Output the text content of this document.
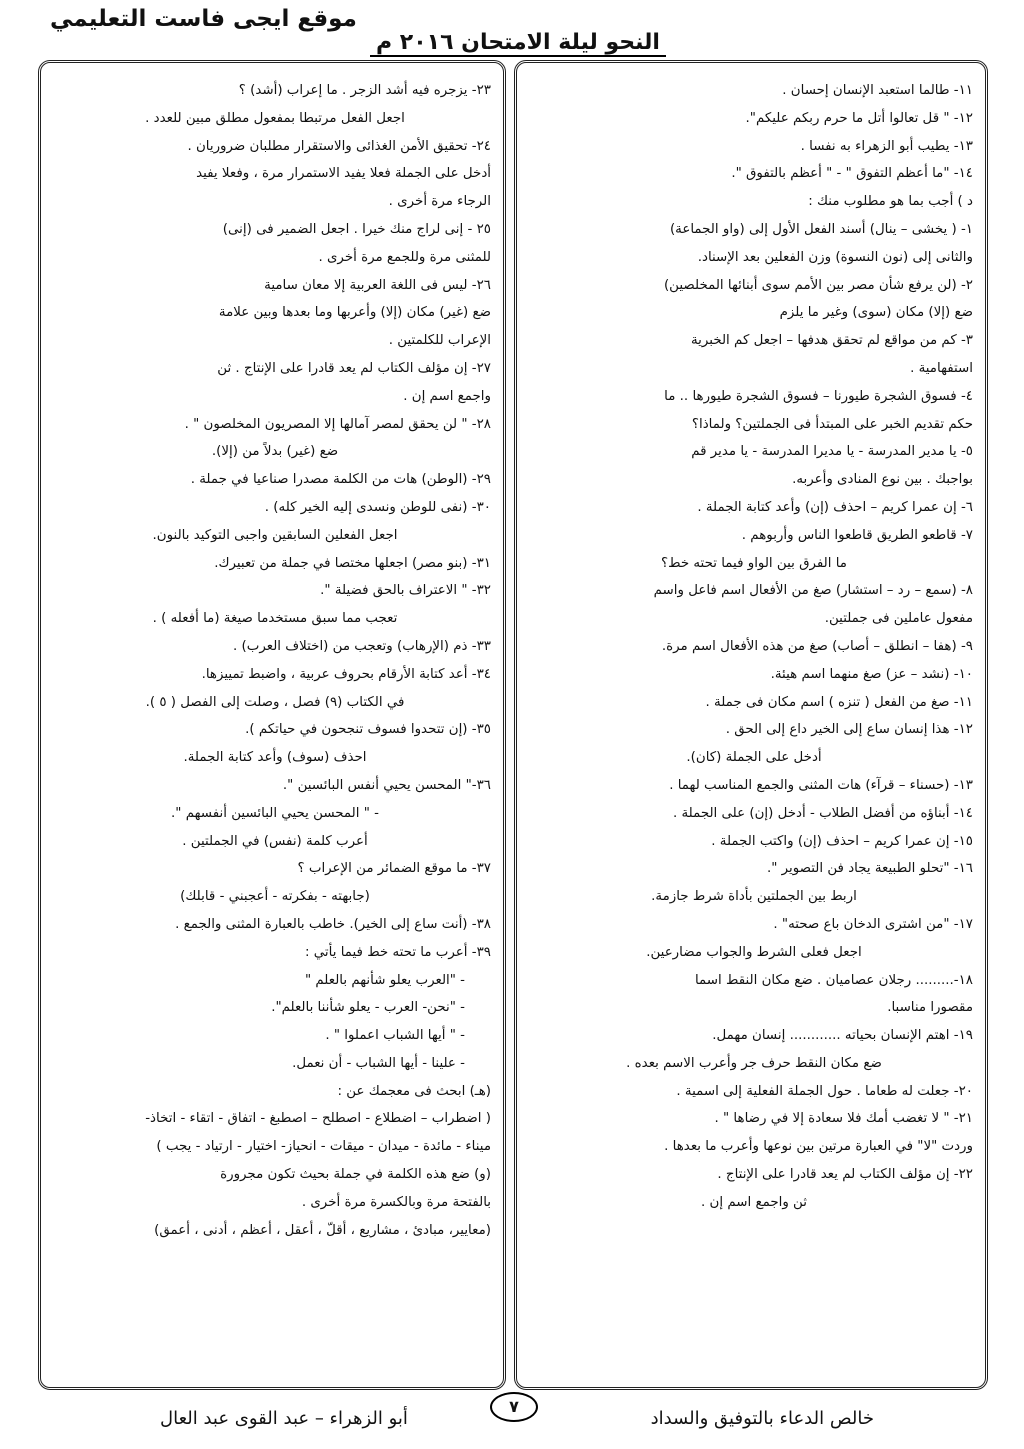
موقع ايجى فاست التعليمي
النحو ليلة الامتحان ٢٠١٦ م
١١- طالما استعبد الإنسان إحسان .
١٢- " قل تعالوا أتل ما حرم ربكم عليكم".
١٣- يطيب أبو الزهراء به نفسا .
١٤- "ما أعظم التفوق " - " أعظم بالتفوق ".
د ) أجب بما هو مطلوب منك :
١- ( يخشى – ينال) أسند الفعل الأول إلى (واو الجماعة)
والثانى إلى (نون النسوة) وزن الفعلين بعد الإسناد.
٢- (لن يرفع شأن مصر بين الأمم سوى أبنائها المخلصين)
ضع (إلا) مكان (سوى) وغير ما يلزم
٣- كم من مواقع لم تحقق هدفها – اجعل كم الخبرية
استفهامية .
٤- فسوق الشجرة طيورنا – فسوق الشجرة طيورها .. ما
حكم تقديم الخبر على المبتدأ فى الجملتين؟ ولماذا؟
٥- يا مدير المدرسة - يا مديرا المدرسة - يا مدير قم
بواجبك . بين نوع المنادى وأعربه.
٦- إن عمرا كريم – احذف (إن) وأعد كتابة الجملة .
٧- قاطعو الطريق قاطعوا الناس وأربوهم .
ما الفرق بين الواو فيما تحته خط؟
٨- (سمع – رد – استشار) صغ من الأفعال اسم فاعل واسم
مفعول عاملين فى جملتين.
٩- (هفا – انطلق – أصاب) صغ من هذه الأفعال اسم مرة.
١٠- (نشد – عز) صغ منهما اسم هيئة.
١١- صغ من الفعل ( تنزه ) اسم مكان فى جملة .
١٢- هذا إنسان ساع إلى الخير داع إلى الحق .
أدخل على الجملة (كان).
١٣- (حسناء – قرآء) هات المثنى والجمع المناسب لهما .
١٤- أبناؤه من أفضل الطلاب - أدخل (إن) على الجملة .
١٥- إن عمرا كريم – احذف (إن) واكتب الجملة .
١٦- "تحلو الطبيعة يجاد فن التصوير ".
اربط بين الجملتين بأداة شرط جازمة.
١٧- "من اشترى الدخان باع صحته" .
اجعل فعلى الشرط والجواب مضارعين.
١٨-......... رجلان عصاميان . ضع مكان النقط اسما
مقصورا مناسبا.
١٩- اهتم الإنسان بحياته ............ إنسان مهمل.
ضع مكان النقط حرف جر وأعرب الاسم بعده .
٢٠- جعلت له طعاما . حول الجملة الفعلية إلى اسمية .
٢١- " لا تغضب أمك فلا سعادة إلا في رضاها " .
وردت "لا" في العبارة مرتين بين نوعها وأعرب ما بعدها .
٢٢- إن مؤلف الكتاب لم يعد قادرا على الإنتاج .
ثن واجمع اسم إن .
٢٣- يزجره فيه أشد الزجر . ما إعراب (أشد) ؟
اجعل الفعل مرتبطا بمفعول مطلق مبين للعدد .
٢٤- تحقيق الأمن الغذائى والاستقرار مطلبان ضروريان .
أدخل على الجملة فعلا يفيد الاستمرار مرة ، وفعلا يفيد
الرجاء مرة أخرى .
٢٥ - إنى لراج منك خيرا . اجعل الضمير فى (إنى)
للمثنى مرة وللجمع مرة أخرى .
٢٦- ليس فى اللغة العربية إلا معان سامية
ضع (غير) مكان (إلا) وأعربها وما بعدها وبين علامة
الإعراب للكلمتين .
٢٧- إن مؤلف الكتاب لم يعد قادرا على الإنتاج . ثن
واجمع اسم إن .
٢٨- " لن يحقق لمصر آمالها إلا المصريون المخلصون " .
ضع (غير) بدلاً من (إلا).
٢٩- (الوطن) هات من الكلمة مصدرا صناعيا في جملة .
٣٠- (نفى للوطن ونسدى إليه الخير كله) .
اجعل الفعلين السابقين واجبى التوكيد بالنون.
٣١- (بنو مصر) اجعلها مختصا في جملة من تعبيرك.
٣٢- " الاعتراف بالحق فضيلة ".
تعجب مما سبق مستخدما صيغة (ما أفعله ) .
٣٣- ذم (الإرهاب) وتعجب من (اختلاف العرب) .
٣٤- أعد كتابة الأرقام بحروف عربية ، واضبط تمييزها.
في الكتاب (٩) فصل ، وصلت إلى الفصل ( ٥ ).
٣٥- (إن تتحدوا فسوف تنجحون في حياتكم ).
احذف (سوف) وأعد كتابة الجملة.
٣٦-" المحسن يحيي أنفس البائسين ".
- " المحسن يحيي البائسين أنفسهم ".
أعرب كلمة (نفس) في الجملتين .
٣٧- ما موقع الضمائر من الإعراب ؟
(جابهته - بفكرته - أعجبني - قابلك)
٣٨- (أنت ساع إلى الخير). خاطب بالعبارة المثنى والجمع .
٣٩- أعرب ما تحته خط فيما يأتي :
- "العرب يعلو شأنهم بالعلم "
- "نحن- العرب - يعلو شأننا بالعلم".
- " أيها الشباب اعملوا " .
- علينا - أيها الشباب - أن نعمل.
(هـ) ابحث فى معجمك عن :
( اضطراب – اضطلاع - اصطلح – اصطبغ - اتفاق - اتقاء - اتخاذ-
ميناء - مائدة - ميدان - ميقات - انحياز- اختيار - ارتياد - يجب )
(و) ضع هذه الكلمة في جملة بحيث تكون مجرورة
بالفتحة مرة وبالكسرة مرة أخرى .
(معايير، مبادئ ، مشاريع ، أقلّ ، أعقل ، أعظم ، أدنى ، أعمق)
٧
خالص الدعاء بالتوفيق والسداد
أبو الزهراء – عبد القوى عبد العال
